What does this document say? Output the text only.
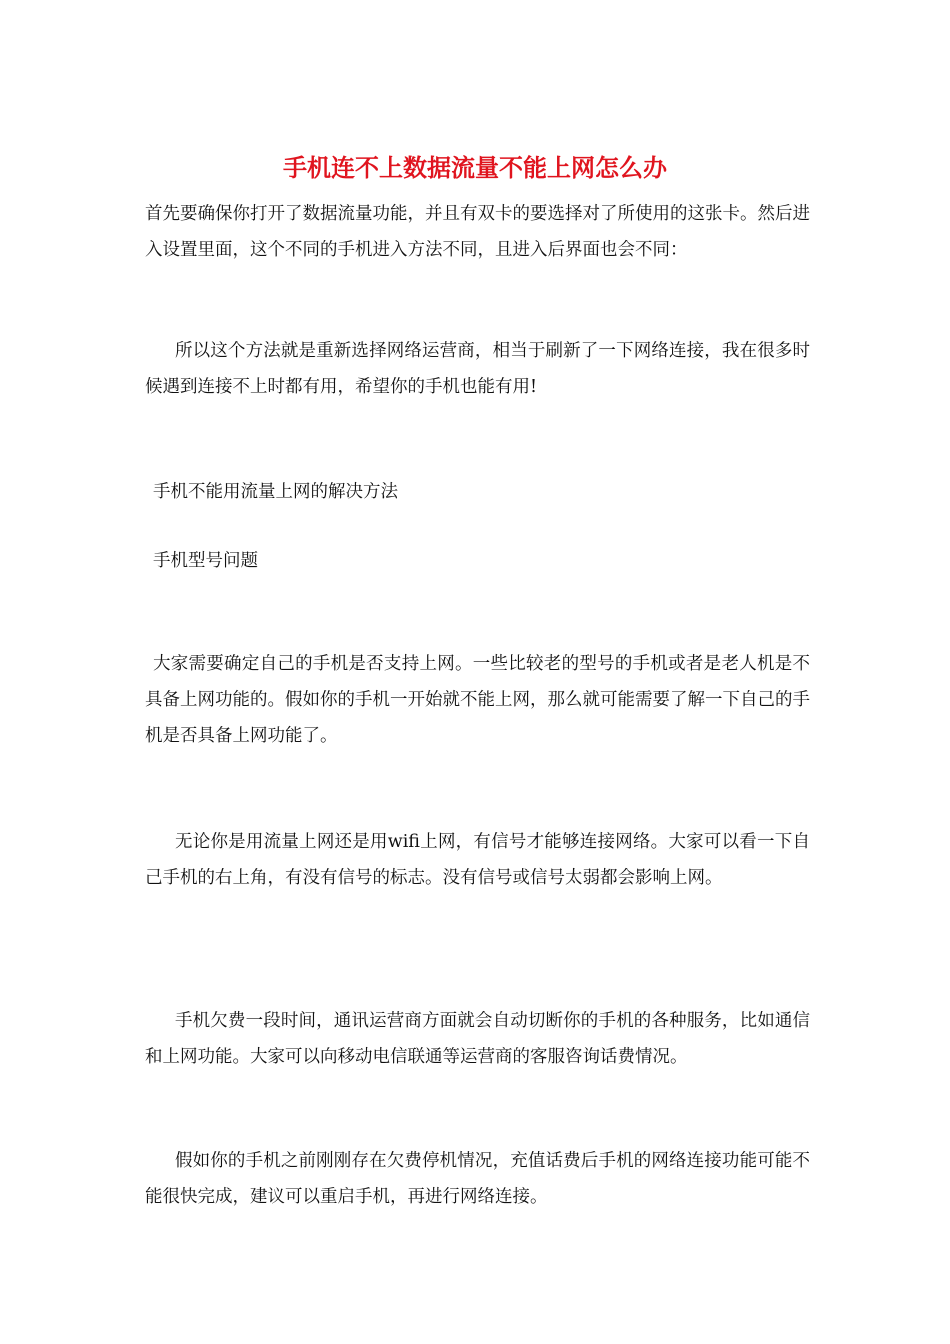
手机连不上数据流量不能上网怎么办

首先要确保你打开了数据流量功能，并且有双卡的要选择对了所使用的这张卡。然后进入设置里面，这个不同的手机进入方法不同，且进入后界面也会不同：

所以这个方法就是重新选择网络运营商，相当于刷新了一下网络连接，我在很多时候遇到连接不上时都有用，希望你的手机也能有用!

手机不能用流量上网的解决方法

手机型号问题

大家需要确定自己的手机是否支持上网。一些比较老的型号的手机或者是老人机是不具备上网功能的。假如你的手机一开始就不能上网，那么就可能需要了解一下自己的手机是否具备上网功能了。

无论你是用流量上网还是用wifi上网，有信号才能够连接网络。大家可以看一下自己手机的右上角，有没有信号的标志。没有信号或信号太弱都会影响上网。

手机欠费一段时间，通讯运营商方面就会自动切断你的手机的各种服务，比如通信和上网功能。大家可以向移动电信联通等运营商的客服咨询话费情况。

假如你的手机之前刚刚存在欠费停机情况，充值话费后手机的网络连接功能可能不能很快完成，建议可以重启手机，再进行网络连接。
